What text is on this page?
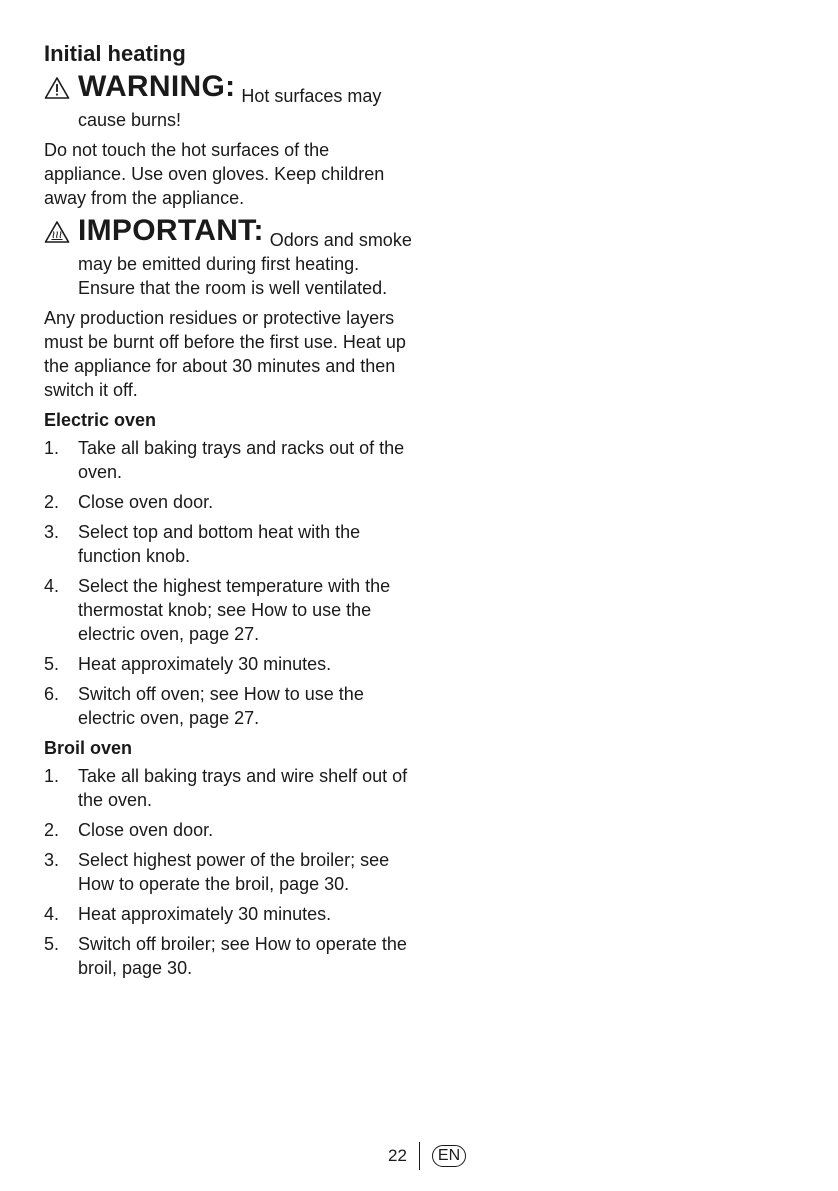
Initial heating
WARNING: Hot surfaces may cause burns!

Do not touch the hot surfaces of the appliance. Use oven gloves. Keep children away from the appliance.

IMPORTANT: Odors and smoke may be emitted during first heating. Ensure that the room is well ventilated.

Any production residues or protective layers must be burnt off before the first use. Heat up the appliance for about 30 minutes and then switch it off.

Electric oven
1.	Take all baking trays and racks out of the oven.
2.	Close oven door.
3.	Select top and bottom heat with the function knob.
4.	Select the highest temperature with the thermostat knob; see How to use the electric oven, page 27.
5.	Heat approximately 30 minutes.
6.	Switch off oven; see How to use the electric oven, page 27.
Broil oven
1.	Take all baking trays and wire shelf out of the oven.
2.	Close oven door.
3.	Select highest power of the broiler; see How to operate the broil, page 30.
4.	Heat approximately 30 minutes.
5.	Switch off broiler; see How to operate the broil, page 30.
22	EN
